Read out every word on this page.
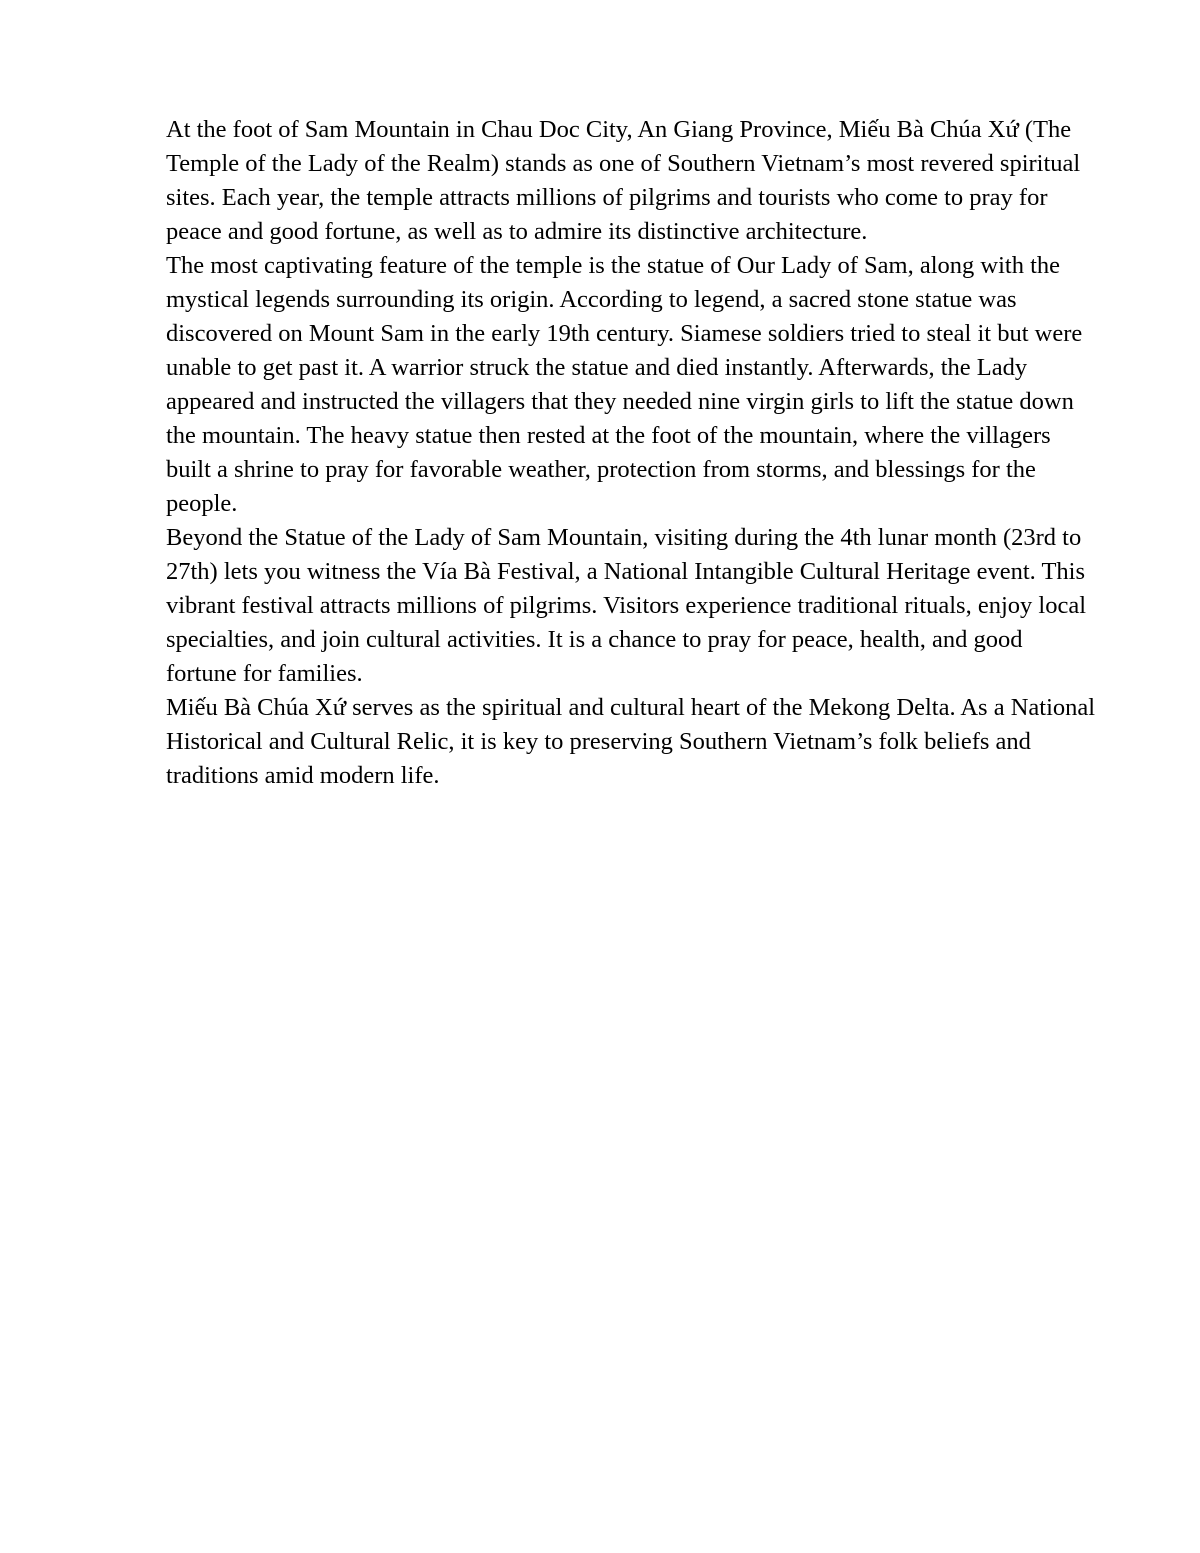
At the foot of Sam Mountain in Chau Doc City, An Giang Province, Miếu Bà Chúa Xứ (The Temple of the Lady of the Realm) stands as one of Southern Vietnam’s most revered spiritual sites. Each year, the temple attracts millions of pilgrims and tourists who come to pray for peace and good fortune, as well as to admire its distinctive architecture.

The most captivating feature of the temple is the statue of Our Lady of Sam, along with the mystical legends surrounding its origin. According to legend, a sacred stone statue was discovered on Mount Sam in the early 19th century. Siamese soldiers tried to steal it but were unable to get past it. A warrior struck the statue and died instantly. Afterwards, the Lady appeared and instructed the villagers that they needed nine virgin girls to lift the statue down the mountain. The heavy statue then rested at the foot of the mountain, where the villagers built a shrine to pray for favorable weather, protection from storms, and blessings for the people.

Beyond the Statue of the Lady of Sam Mountain, visiting during the 4th lunar month (23rd to 27th) lets you witness the Vía Bà Festival, a National Intangible Cultural Heritage event. This vibrant festival attracts millions of pilgrims. Visitors experience traditional rituals, enjoy local specialties, and join cultural activities. It is a chance to pray for peace, health, and good fortune for families.

Miếu Bà Chúa Xứ serves as the spiritual and cultural heart of the Mekong Delta. As a National Historical and Cultural Relic, it is key to preserving Southern Vietnam’s folk beliefs and traditions amid modern life.
